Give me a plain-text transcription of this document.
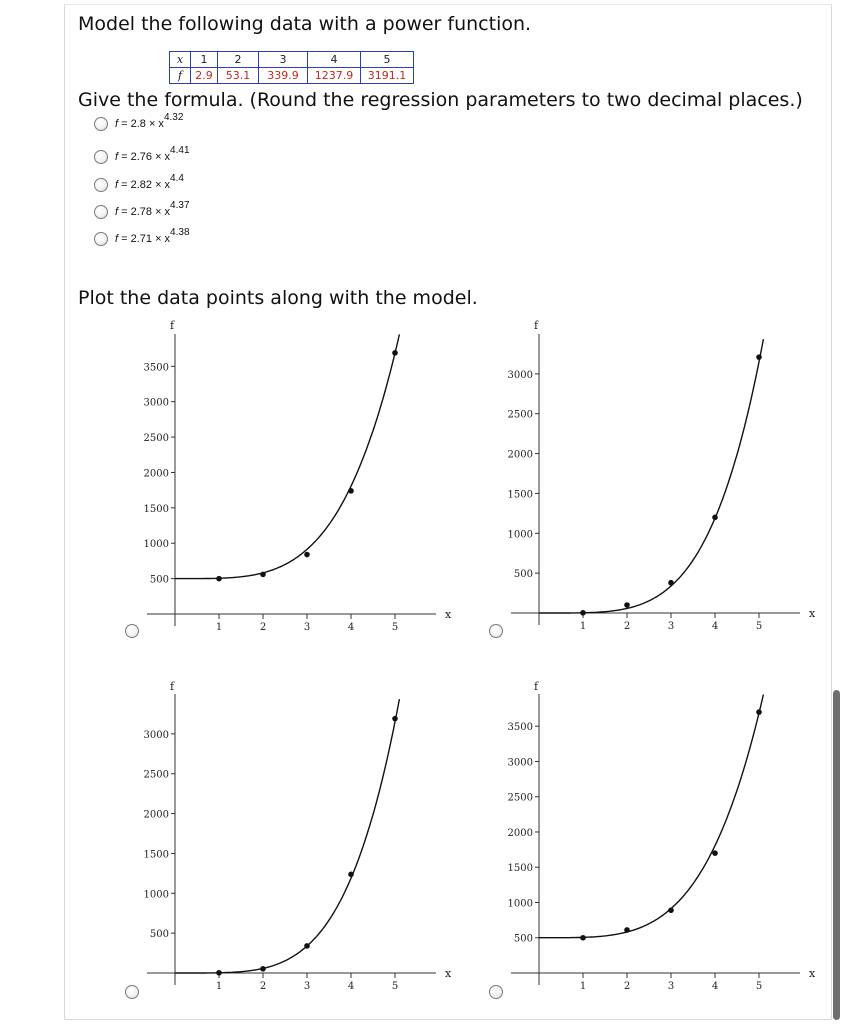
Model the following data with a power function.
x	1	2	3	4	5
f	2.9	53.1	339.9	1237.9	3191.1
Give the formula. (Round the regression parameters to two decimal places.)
$f = 2.8 \times x^{4.32}$
$f = 2.76 \times x^{4.41}$
$f = 2.82 \times x^{4.4}$
$f = 2.78 \times x^{4.37}$
$f = 2.71 \times x^{4.38}$
Plot the data points along with the model.
x
f
1	2	3	4	5
500
1000
1500
2000
2500
3000
3500
x
f
1	2	3	4	5
500
1000
1500
2000
2500
3000
x
f
1	2	3	4	5
500
1000
1500
2000
2500
3000
x
f
1	2	3	4	5
500
1000
1500
2000
2500
3000
3500
